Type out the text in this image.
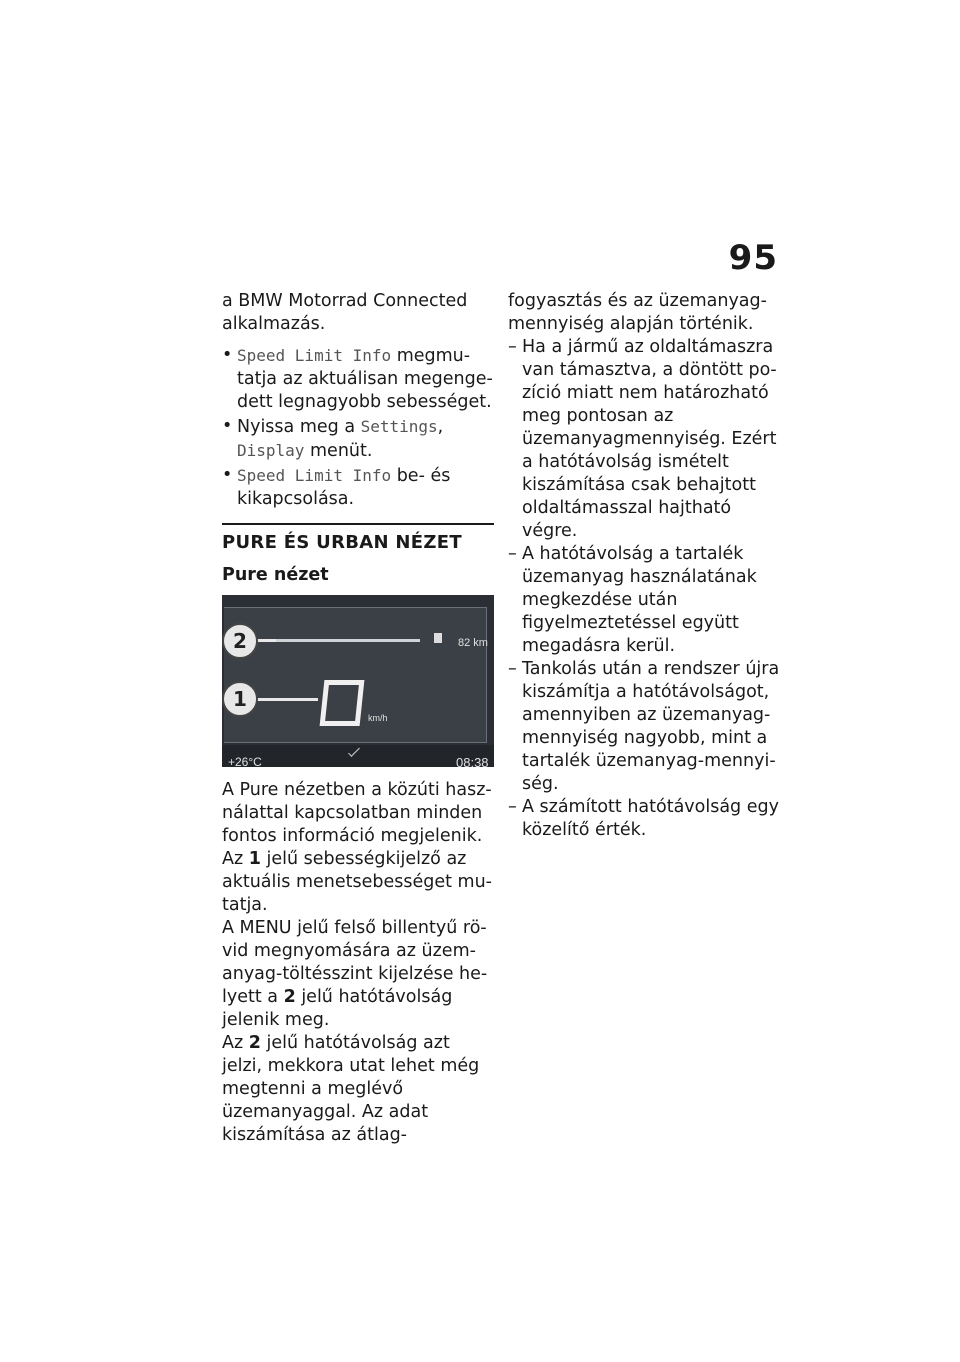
95

a BMW Motorrad Connected alkalmazás.

• Speed Limit Info megmutatja az aktuálisan megengedett legnagyobb sebességet.
• Nyissa meg a Settings, Display menüt.
• Speed Limit Info be- és kikapcsolása.
PURE ÉS URBAN NÉZET
Pure nézet
82 km
2
1
km/h
+26°C	08:38

A Pure nézetben a közúti használattal kapcsolatban minden fontos információ megjelenik.

Az 1 jelű sebességkijelző az aktuális menetsebességet mutatja.

A MENU jelű felső billentyű rövid megnyomására az üzemanyag-töltésszint kijelzése helyett a 2 jelű hatótávolság jelenik meg.

Az 2 jelű hatótávolság azt jelzi, mekkora utat lehet még megtenni a meglévő üzemanyaggal. Az adat kiszámítása az átlag-

fogyasztás és az üzemanyagmennyiség alapján történik.

– Ha a jármű az oldaltámaszra van támasztva, a döntött pozíció miatt nem határozható meg pontosan az üzemanyagmennyiség. Ezért a hatótávolság ismételt kiszámítása csak behajtott oldaltámasszal hajtható végre.
– A hatótávolság a tartalék üzemanyag használatának megkezdése után figyelmeztetéssel együtt megadásra kerül.
– Tankolás után a rendszer újra kiszámítja a hatótávolságot, amennyiben az üzemanyagmennyiség nagyobb, mint a tartalék üzemanyag-mennyiség.
– A számított hatótávolság egy közelítő érték.
